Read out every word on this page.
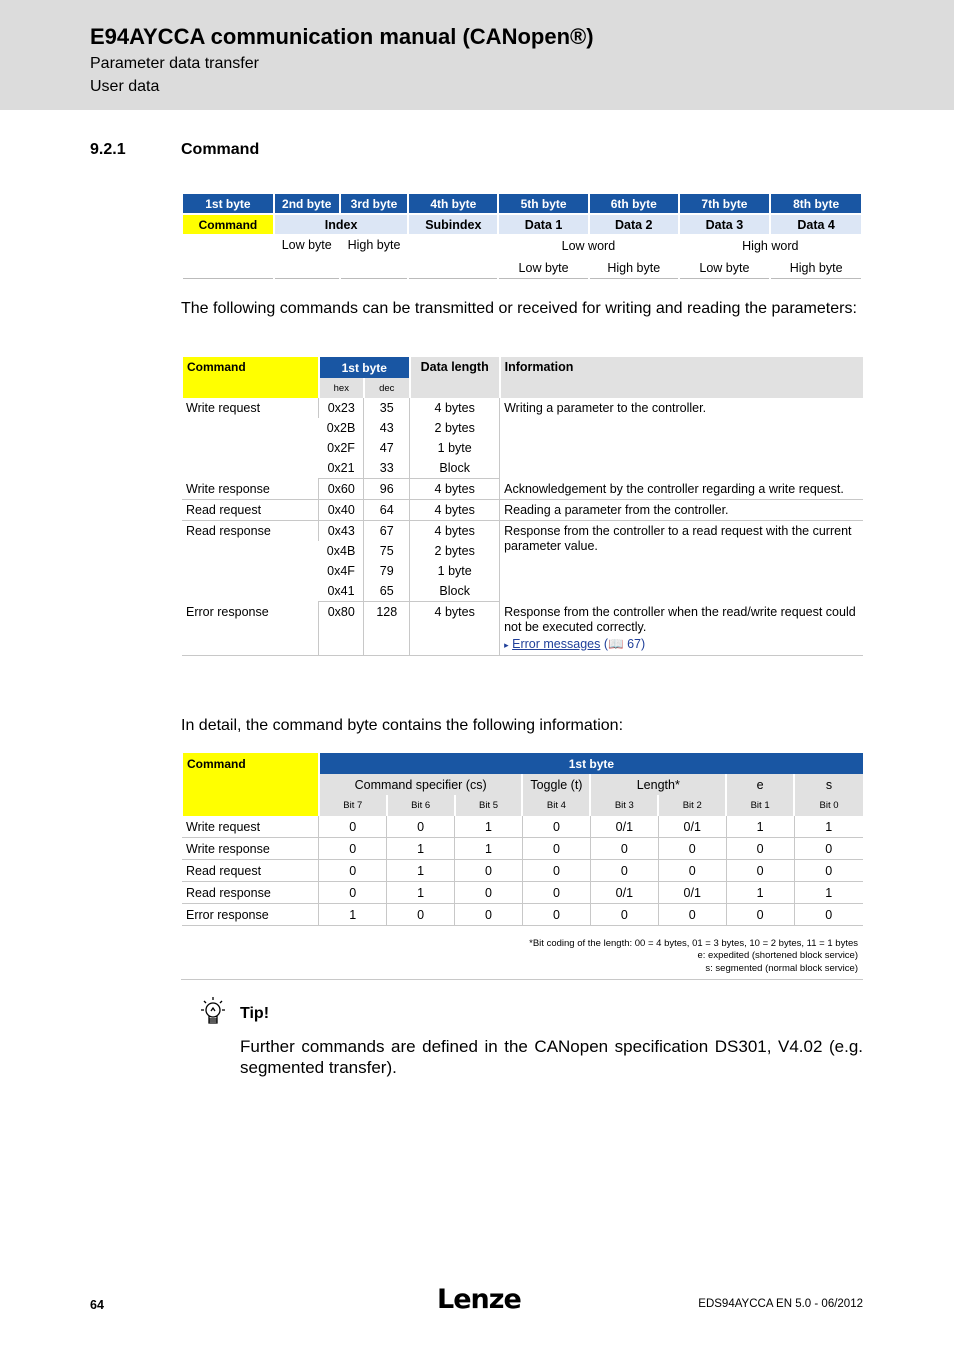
E94AYCCA communication manual (CANopen®)
Parameter data transfer
User data
9.2.1	Command
1st byte	2nd byte	3rd byte	4th byte	5th byte	6th byte	7th byte	8th byte
Command	Index		Subindex	Data 1	Data 2	Data 3	Data 4
	Low byte	High byte		Low word		High word	
				Low byte	High byte	Low byte	High byte
The following commands can be transmitted or received for writing and reading the parameters:
Command	1st byte		Data length	Information
	hex	dec		
Write request	0x23	35	4 bytes	Writing a parameter to the controller.
	0x2B	43	2 bytes	
	0x2F	47	1 byte	
	0x21	33	Block	
Write response	0x60	96	4 bytes	Acknowledgement by the controller regarding a write request.
Read request	0x40	64	4 bytes	Reading a parameter from the controller.
Read response	0x43	67	4 bytes	Response from the controller to a read request with the current parameter value.
	0x4B	75	2 bytes	
	0x4F	79	1 byte	
	0x41	65	Block	
Error response	0x80	128	4 bytes	Response from the controller when the read/write request could not be executed correctly.
▸ Error messages (📖 67)
In detail, the command byte contains the following information:
Command	1st byte							
	Command specifier (cs)			Toggle (t)	Length*		e	s
	Bit 7	Bit 6	Bit 5	Bit 4	Bit 3	Bit 2	Bit 1	Bit 0
Write request	0	0	1	0	0/1	0/1	1	1
Write response	0	1	1	0	0	0	0	0
Read request	0	1	0	0	0	0	0	0
Read response	0	1	0	0	0/1	0/1	1	1
Error response	1	0	0	0	0	0	0	0
*Bit coding of the length: 00 = 4 bytes, 01 = 3 bytes, 10 = 2 bytes, 11 = 1 bytes
e: expedited (shortened block service)
s: segmented (normal block service)
Tip!
Further commands are defined in the CANopen specification DS301, V4.02 (e.g. segmented transfer).
64	Lenze	EDS94AYCCA EN 5.0 - 06/2012
